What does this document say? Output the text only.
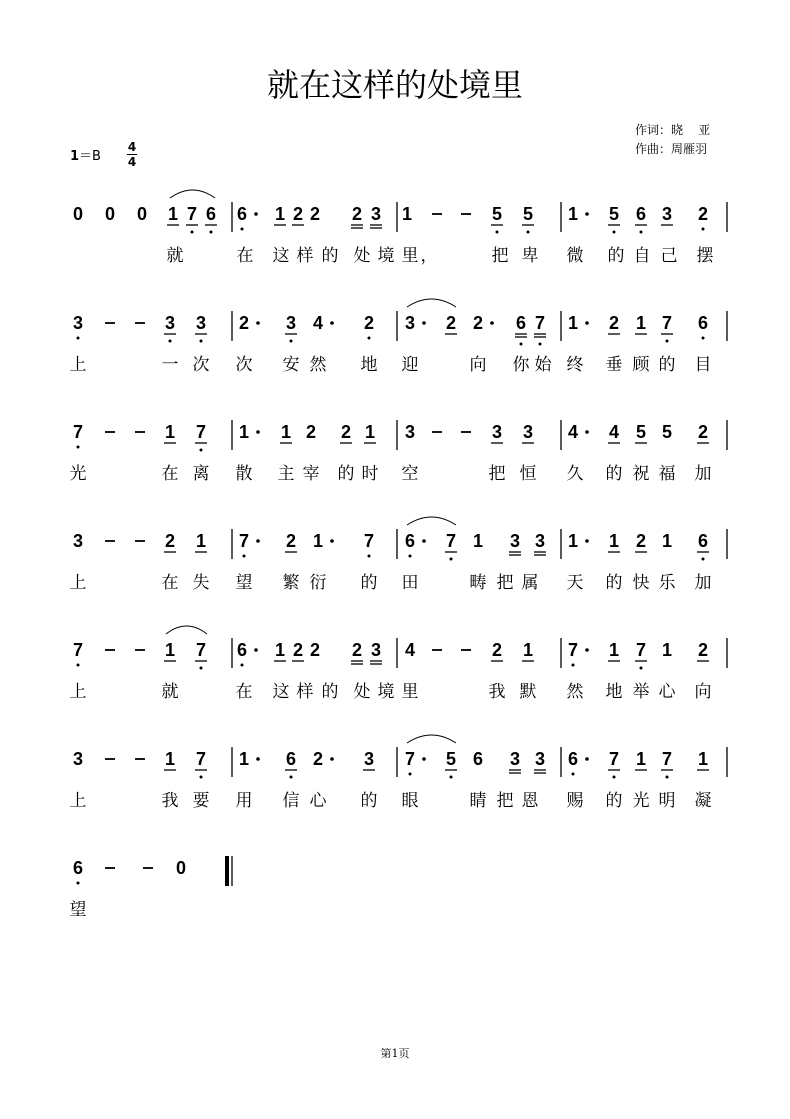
就在这样的处境里
作词：晓    亚
作曲：周雁羽
1＝B
4
4
0 0 0 1 7 6 6 1 2 2 2 3 1	5 5 1 5 6 3 2
就	在 这 样 的 处 境 里 ，	把 卑 微 的 自 己 摆
3	3 3 2 3 4 2 3 2 2 6 7 1 2 1 7 6
上	一 次 次 安 然 地 迎	向 你 始 终 垂 顾 的 目
7	1 7 1 1 2 2 1 3	3 3 4 4 5 5 2
光	在 离 散 主 宰 的 时 空	把 恒 久 的 祝 福 加
3	2 1 7 2 1 7 6 7 1 3 3 1 1 2 1 6
上	在 失 望 繁 衍 的 田	畴 把 属 天 的 快 乐 加
7	1 7 6 1 2 2 2 3 4	2 1 7 1 7 1 2
上	就	在 这 样 的 处 境 里	我 默 然 地 举 心 向
3	1 7 1 6 2 3 7 5 6 3 3 6 7 1 7 1
上	我 要 用 信 心 的 眼	睛 把 恩 赐 的 光 明 凝
6	0
望
第1页
